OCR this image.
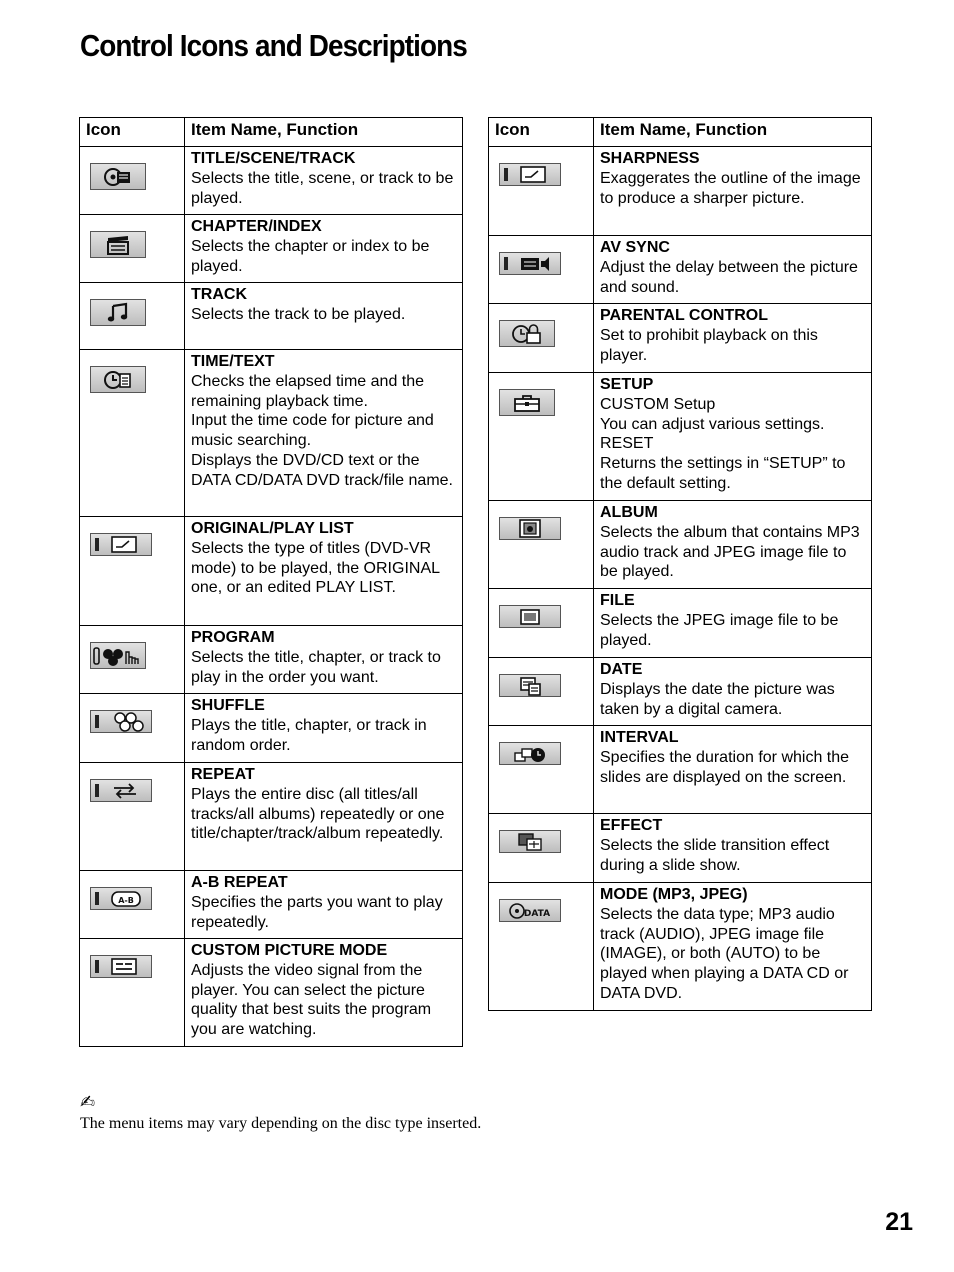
Control Icons and Descriptions
Icon	Item Name, Function

TITLE/SCENE/TRACK
Selects the title, scene, or track to be played.

CHAPTER/INDEX
Selects the chapter or index to be played.

TRACK
Selects the track to be played.

TIME/TEXT
Checks the elapsed time and the remaining playback time.
Input the time code for picture and music searching.
Displays the DVD/CD text or the DATA CD/DATA DVD track/file name.

ORIGINAL/PLAY LIST
Selects the type of titles (DVD-VR mode) to be played, the ORIGINAL one, or an edited PLAY LIST.

PROGRAM
Selects the title, chapter, or track to play in the order you want.

SHUFFLE
Plays the title, chapter, or track in random order.

REPEAT
Plays the entire disc (all titles/all tracks/all albums) repeatedly or one title/chapter/track/album repeatedly.

A-B	A-B REPEAT
Specifies the parts you want to play repeatedly.

CUSTOM PICTURE MODE
Adjusts the video signal from the player. You can select the picture quality that best suits the program you are watching.
Icon	Item Name, Function

SHARPNESS
Exaggerates the outline of the image to produce a sharper picture.

AV SYNC
Adjust the delay between the picture and sound.

PARENTAL CONTROL
Set to prohibit playback on this player.

SETUP
CUSTOM Setup
You can adjust various settings.
RESET
Returns the settings in “SETUP” to the default setting.

ALBUM
Selects the album that contains MP3 audio track and JPEG image file to be played.

FILE
Selects the JPEG image file to be played.

DATE
Displays the date the picture was taken by a digital camera.

INTERVAL
Specifies the duration for which the slides are displayed on the screen.

EFFECT
Selects the slide transition effect during a slide show.

DATA	MODE (MP3, JPEG)
Selects the data type; MP3 audio track (AUDIO), JPEG image file (IMAGE), or both (AUTO) to be played when playing a DATA CD or DATA DVD.
✍
The menu items may vary depending on the disc type inserted.
21
